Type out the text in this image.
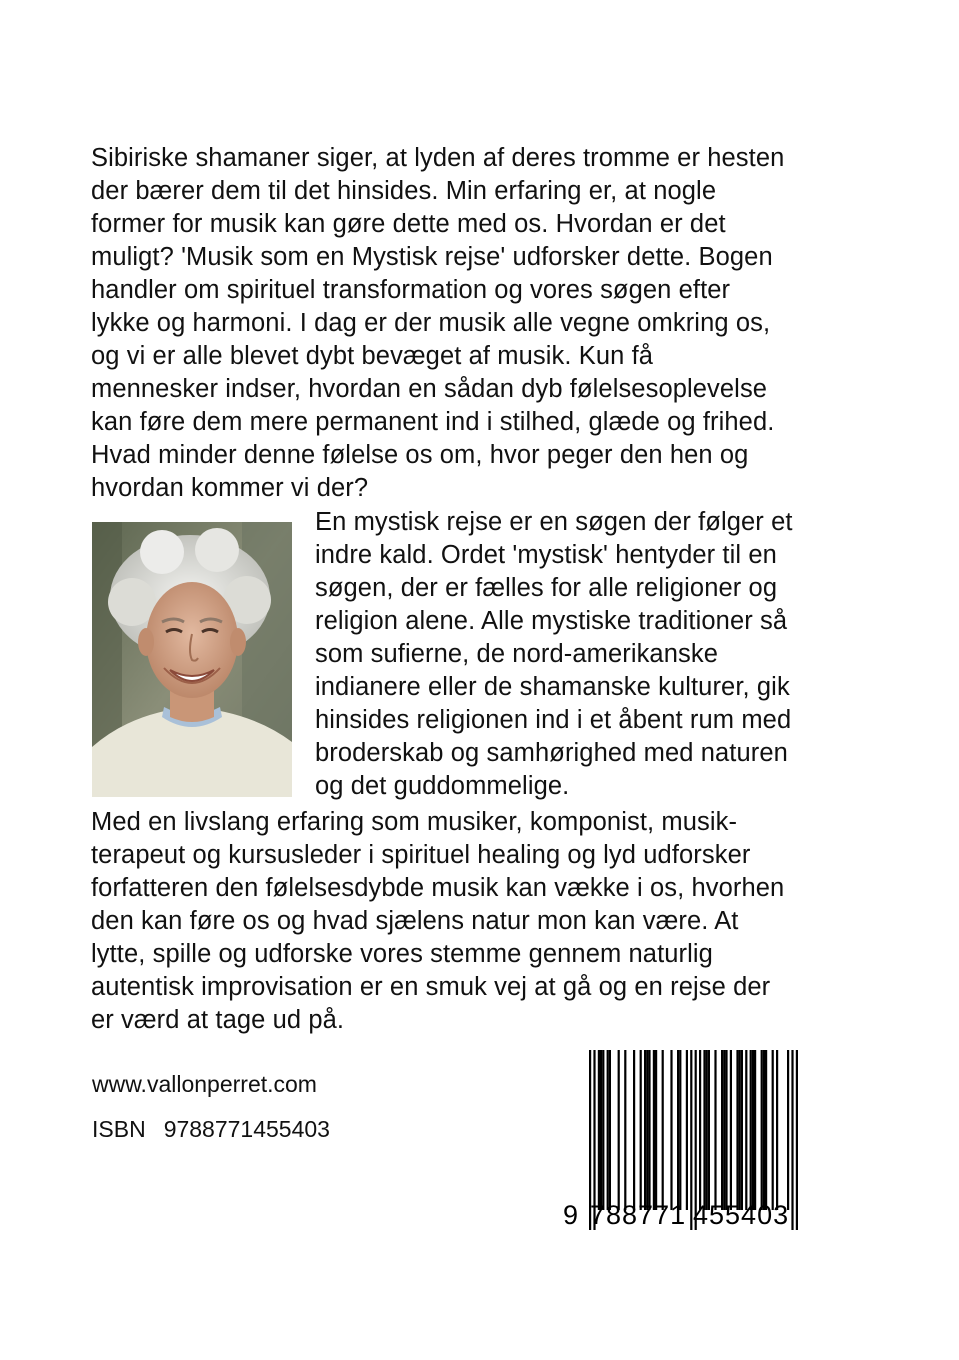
Sibiriske shamaner siger, at lyden af deres tromme er hesten
der bærer dem til det hinsides. Min erfaring er, at nogle
former for musik kan gøre dette med os. Hvordan er det
muligt? 'Musik som en Mystisk rejse' udforsker dette. Bogen
handler om spirituel transformation og vores søgen efter
lykke og harmoni. I dag er der musik alle vegne omkring os,
og vi er alle blevet dybt bevæget af musik. Kun få
mennesker indser, hvordan en sådan dyb følelsesoplevelse
kan føre dem mere permanent ind i stilhed, glæde og frihed.
Hvad minder denne følelse os om, hvor peger den hen og
hvordan kommer vi der?
En mystisk rejse er en søgen der følger et
indre kald. Ordet 'mystisk' hentyder til en
søgen, der er fælles for alle religioner og
religion alene. Alle mystiske traditioner så
som sufierne, de nord-amerikanske
indianere eller de shamanske kulturer, gik
hinsides religionen ind i et åbent rum med
broderskab og samhørighed med naturen
og det guddommelige.
Med en livslang erfaring som musiker, komponist, musik-
terapeut og kursusleder i spirituel healing og lyd udforsker
forfatteren den følelsesdybde musik kan vække i os, hvorhen
den kan føre os og hvad sjælens natur mon kan være. At
lytte, spille og udforske vores stemme gennem naturlig
autentisk improvisation er en smuk vej at gå og en rejse der
er værd at tage ud på.
www.vallonperret.com
ISBN 9788771455403
9 788771 455403
